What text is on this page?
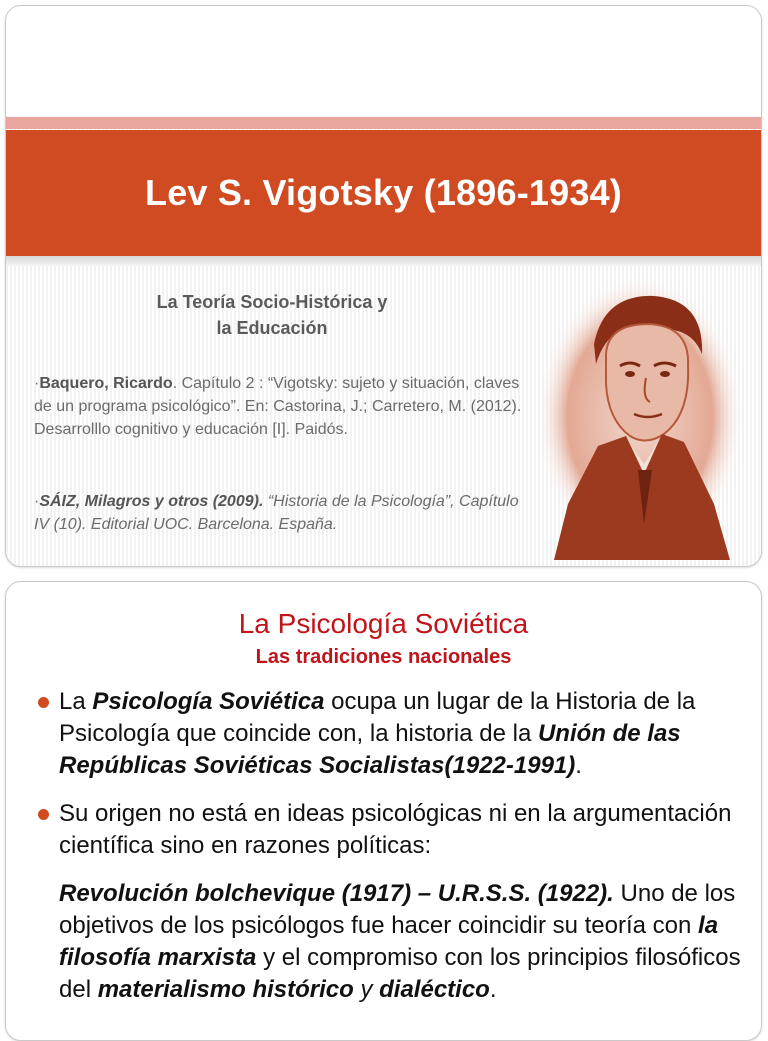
Lev S. Vigotsky (1896-1934)
La Teoría Socio-Histórica y
la Educación
·Baquero, Ricardo. Capítulo 2 : “Vigotsky: sujeto y situación, claves de un programa psicológico”. En: Castorina, J.; Carretero, M. (2012). Desarrolllo cognitivo y educación [I]. Paidós.
·SÁIZ, Milagros y otros (2009). “Historia de la Psicología”, Capítulo IV (10). Editorial UOC. Barcelona. España.
La Psicología Soviética
Las tradiciones nacionales
La Psicología Soviética ocupa un lugar de la Historia de la Psicología que coincide con, la historia de la Unión de las Repúblicas Soviéticas Socialistas(1922-1991).
Su origen no está en ideas psicológicas ni en la argumentación científica sino en razones políticas:
Revolución bolchevique (1917) – U.R.S.S. (1922). Uno de los objetivos de los psicólogos fue hacer coincidir su teoría con la filosofía marxista y el compromiso con los principios filosóficos del materialismo histórico y dialéctico.
